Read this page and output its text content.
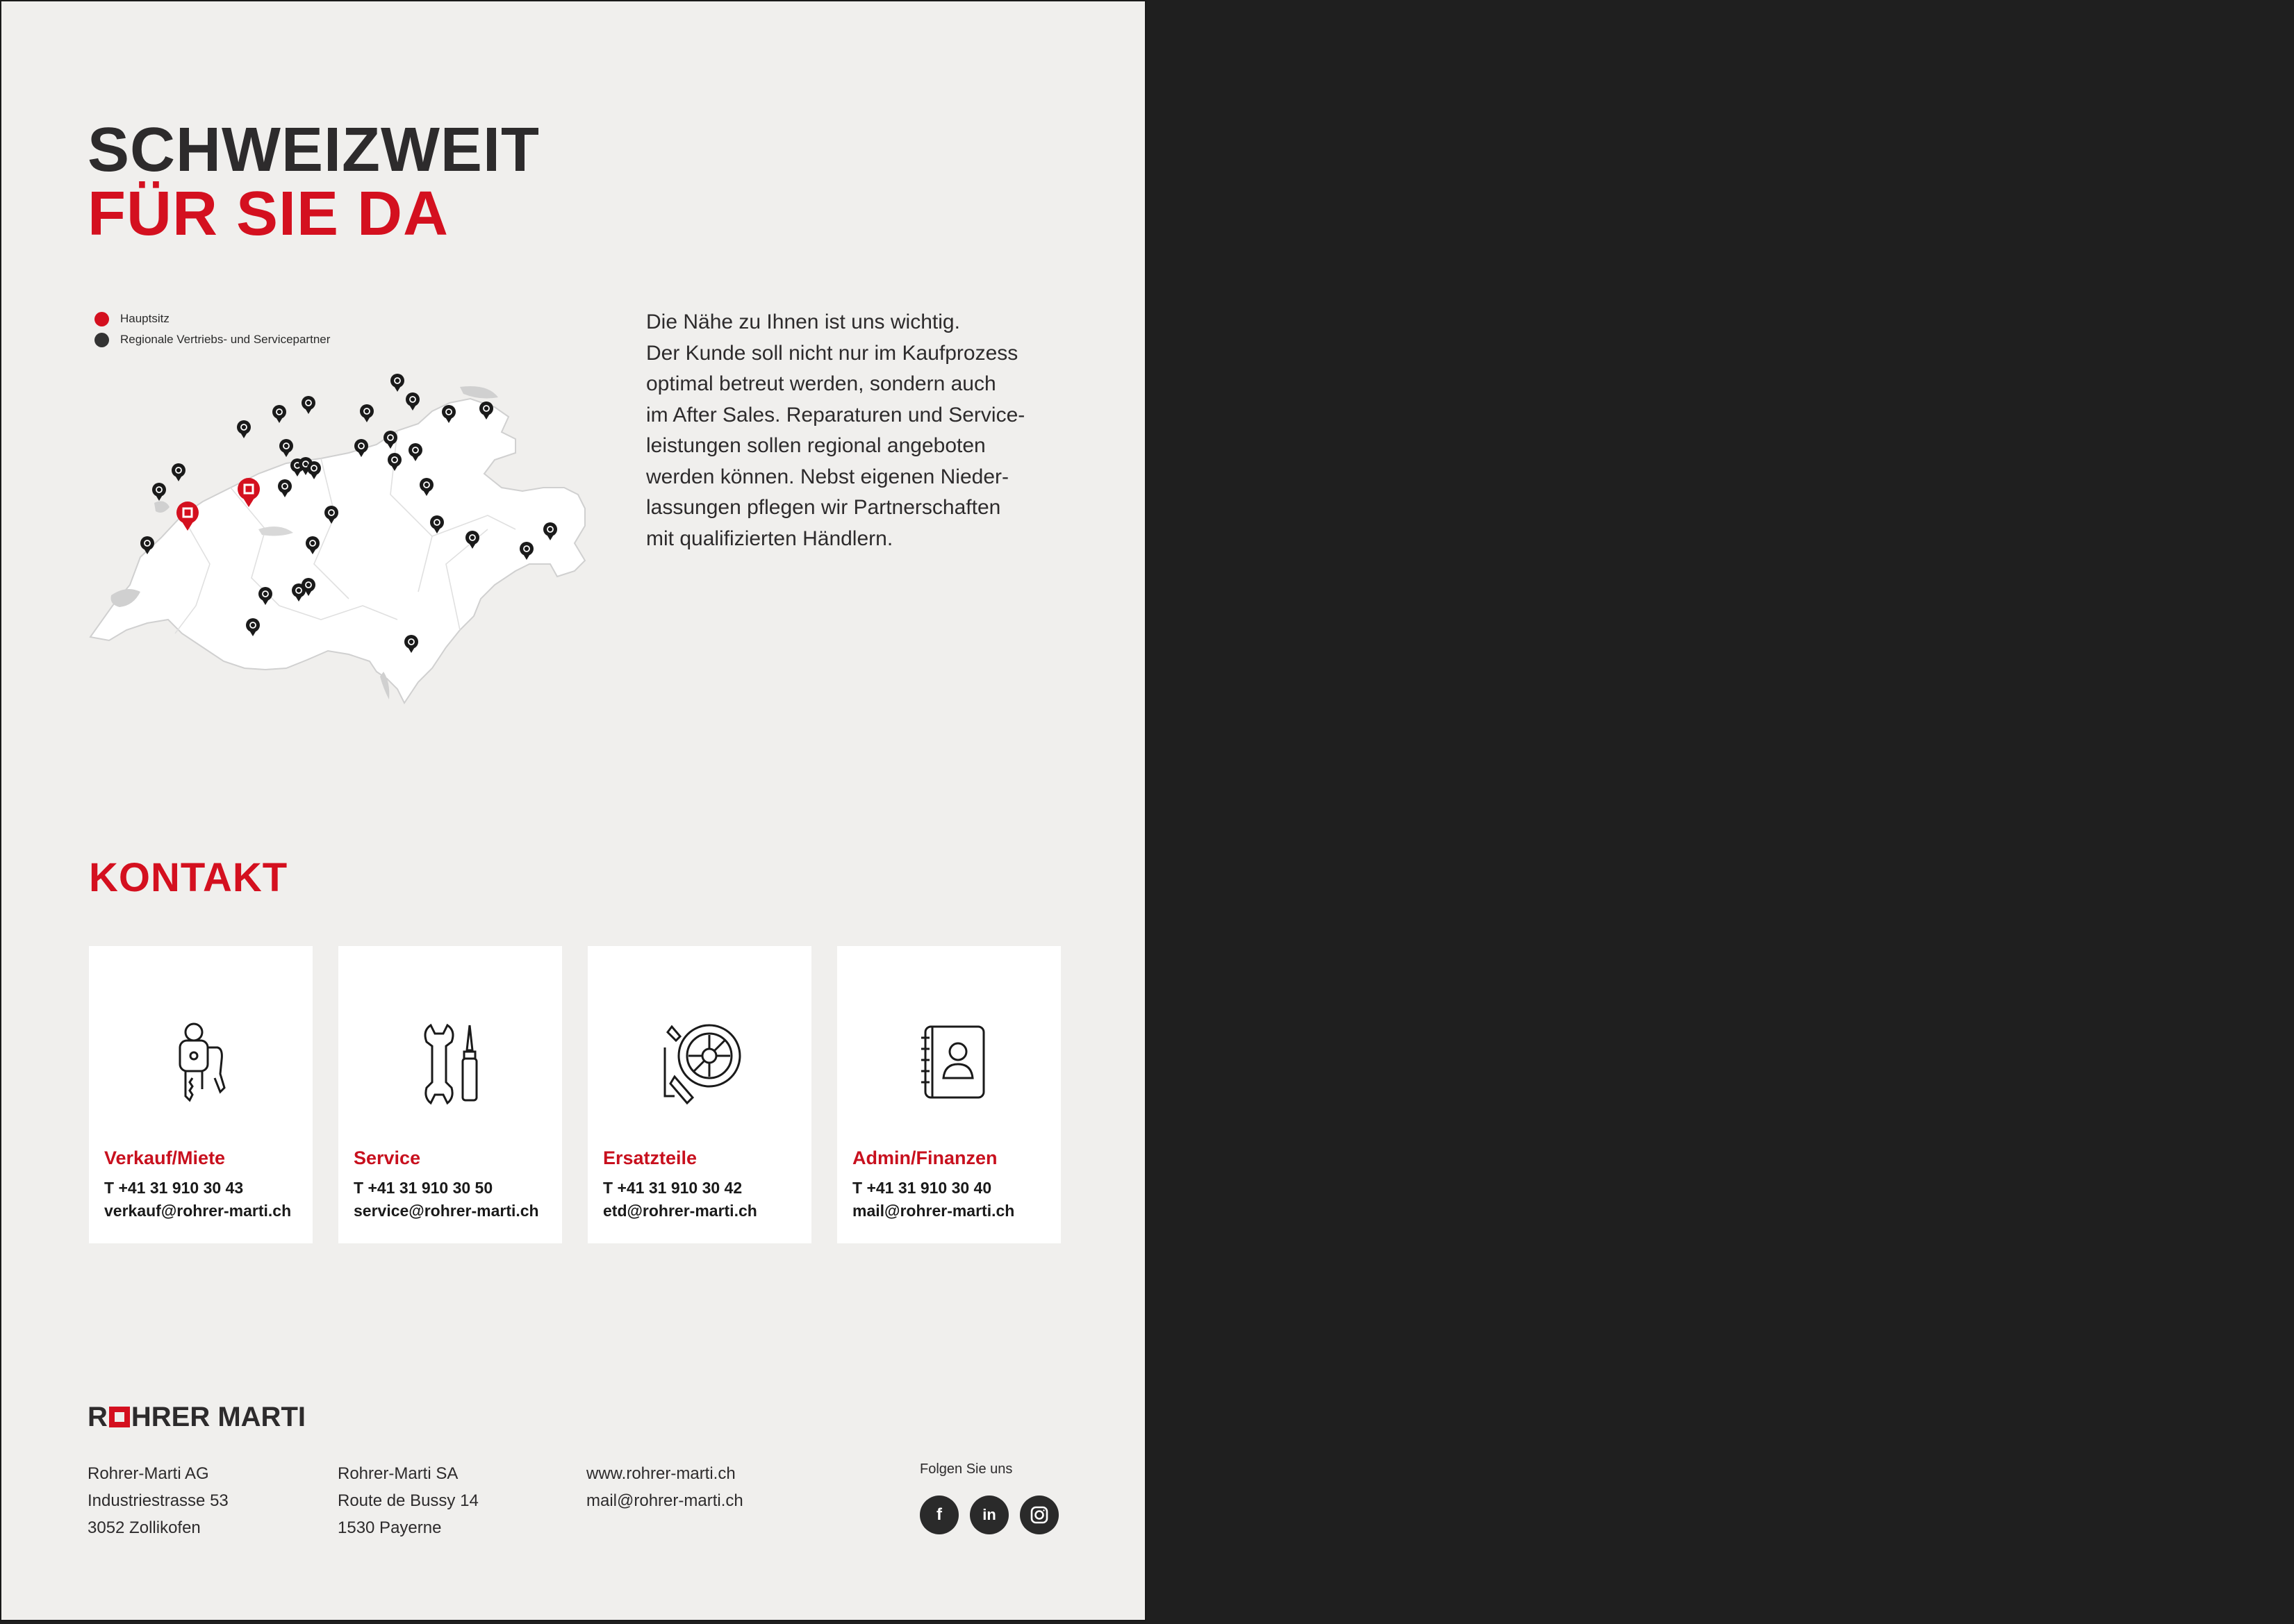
SCHWEIZWEIT
FÜR SIE DA
Hauptsitz
Regionale Vertriebs- und Servicepartner

Die Nähe zu Ihnen ist uns wichtig.

Der Kunde soll nicht nur im Kaufprozess

optimal betreut werden, sondern auch

im After Sales. Reparaturen und Service-

leistungen sollen regional angeboten

werden können. Nebst eigenen Nieder-

lassungen pflegen wir Partnerschaften

mit qualifizierten Händlern.

KONTAKT
Verkauf/Miete
T +41 31 910 30 43
verkauf@rohrer-marti.ch
Service
T +41 31 910 30 50
service@rohrer-marti.ch
Ersatzteile
T +41 31 910 30 42
etd@rohrer-marti.ch
Admin/Finanzen
T +41 31 910 30 40
mail@rohrer-marti.ch
R HRER MARTI
Rohrer-Marti AG
Industriestrasse 53
3052 Zollikofen
Rohrer-Marti SA
Route de Bussy 14
1530 Payerne
www.rohrer-marti.ch
mail@rohrer-marti.ch
Folgen Sie uns
f	in
